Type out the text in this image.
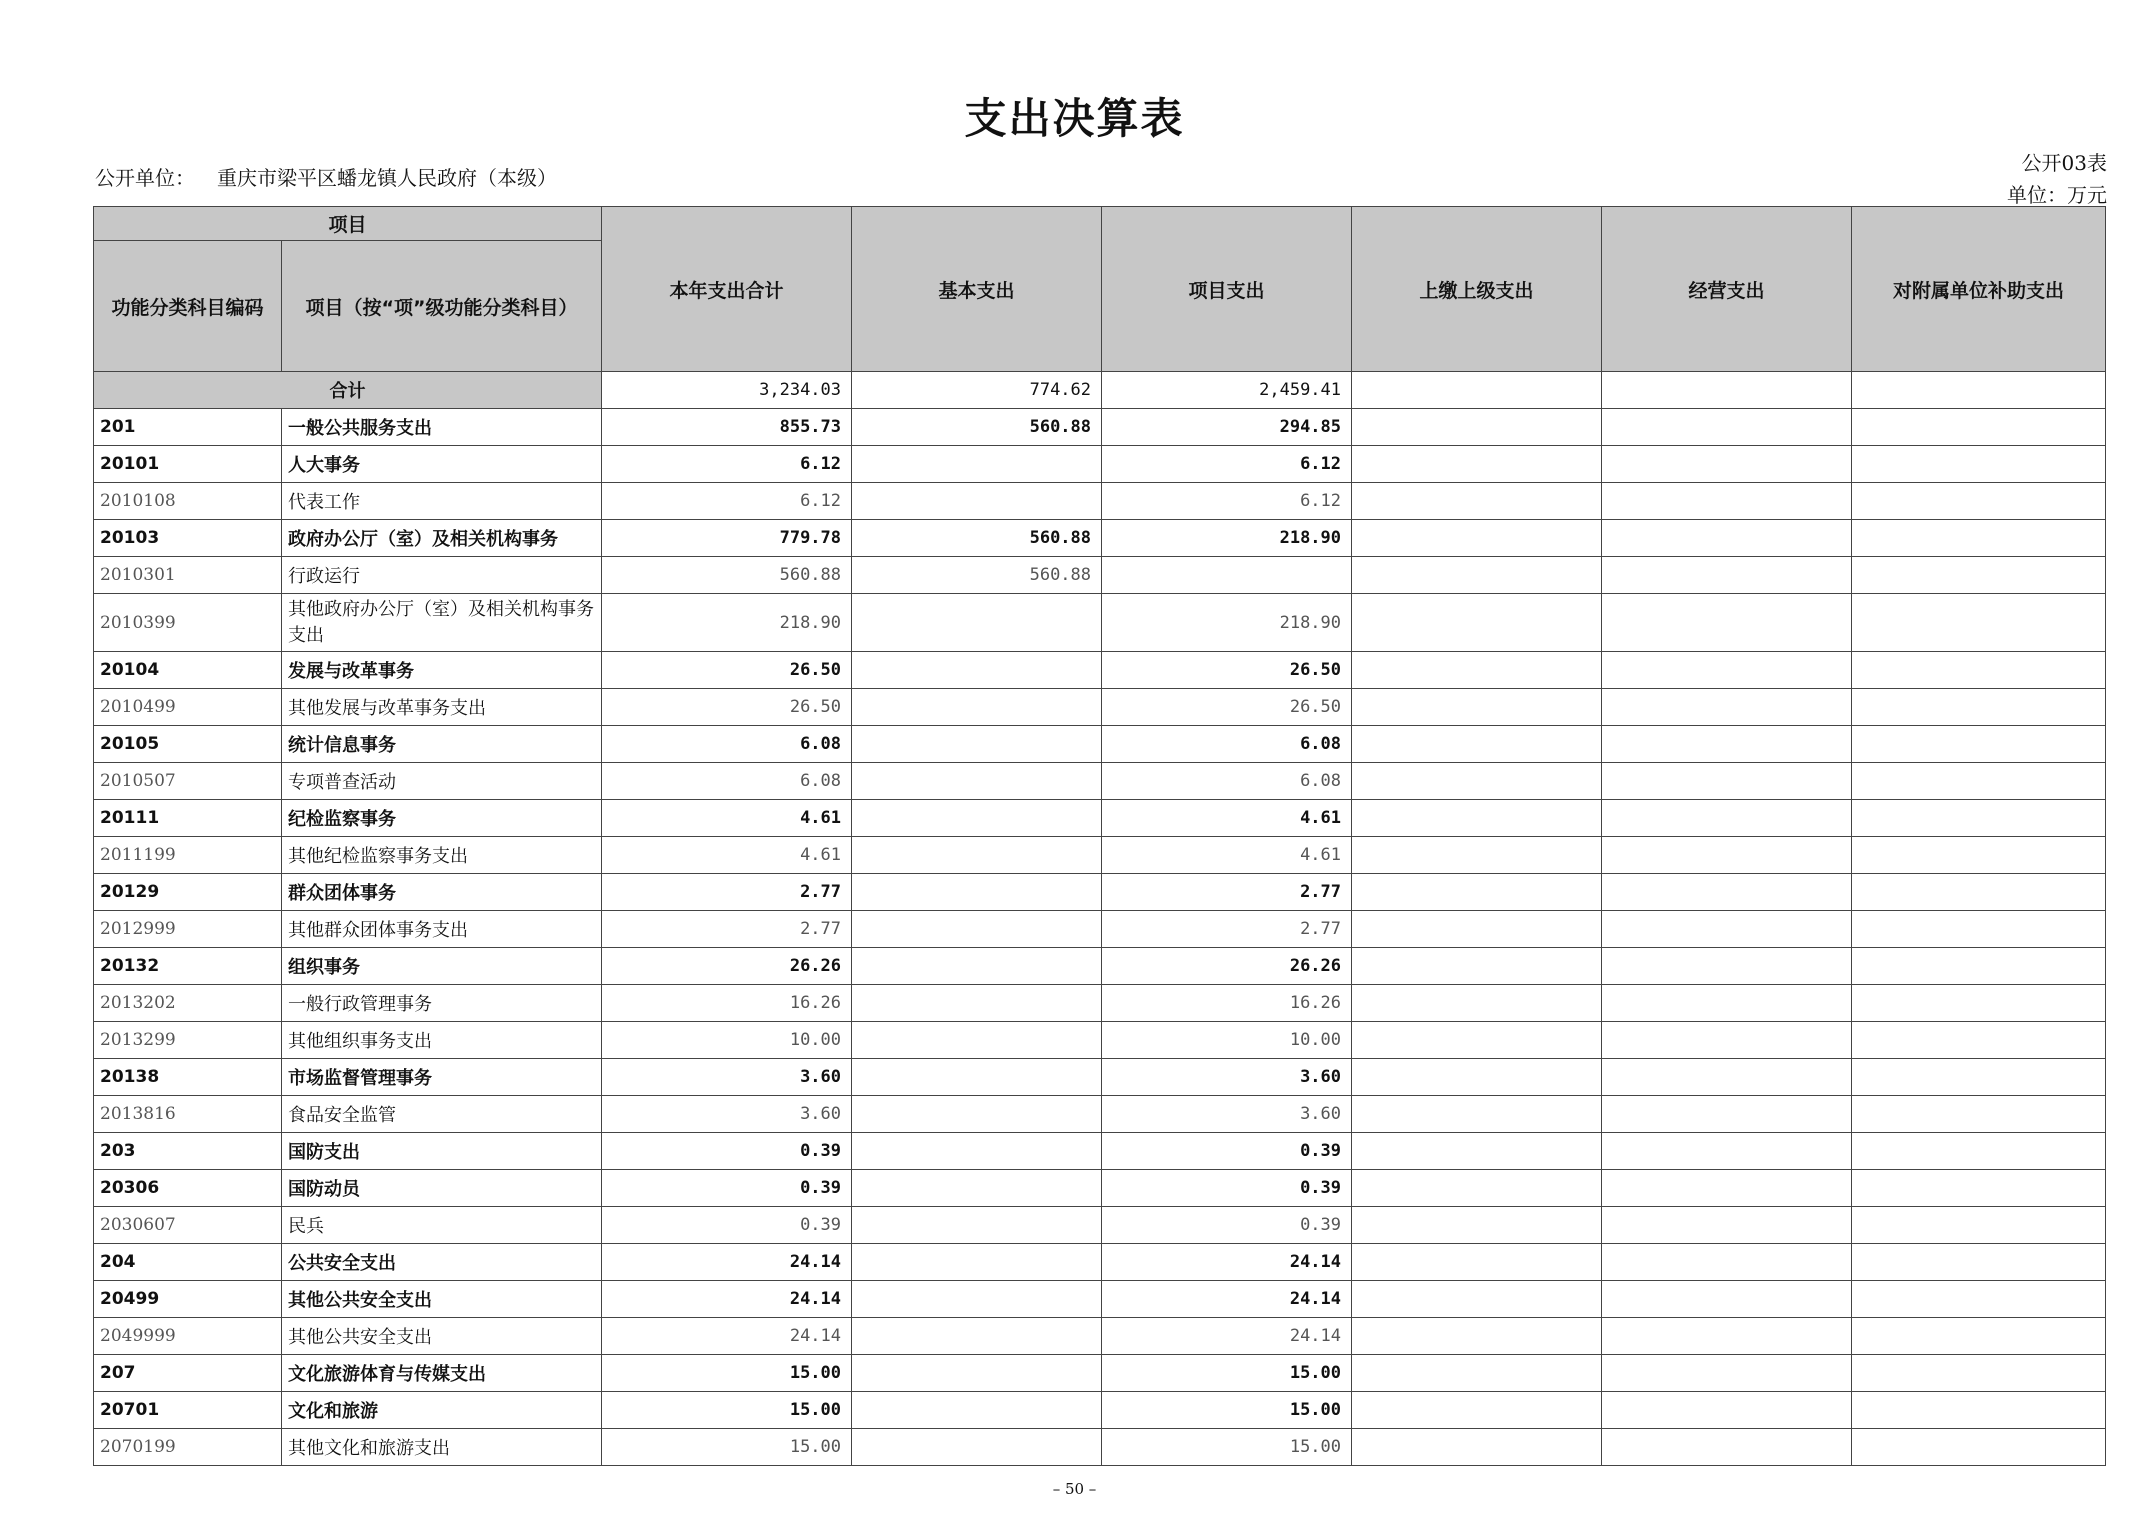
支出决算表
公开单位： 重庆市梁平区蟠龙镇人民政府（本级）
公开03表
单位：万元
项目		本年支出合计	基本支出	项目支出	上缴上级支出	经营支出	对附属单位补助支出
功能分类科目编码	项目（按“项”级功能分类科目）						
合计		3,234.03	774.62	2,459.41			
201	一般公共服务支出	855.73	560.88	294.85			
20101	人大事务	6.12		6.12			
2010108	代表工作	6.12		6.12			
20103	政府办公厅（室）及相关机构事务	779.78	560.88	218.90			
2010301	行政运行	560.88	560.88				
2010399	其他政府办公厅（室）及相关机构事务支出	218.90		218.90			
20104	发展与改革事务	26.50		26.50			
2010499	其他发展与改革事务支出	26.50		26.50			
20105	统计信息事务	6.08		6.08			
2010507	专项普查活动	6.08		6.08			
20111	纪检监察事务	4.61		4.61			
2011199	其他纪检监察事务支出	4.61		4.61			
20129	群众团体事务	2.77		2.77			
2012999	其他群众团体事务支出	2.77		2.77			
20132	组织事务	26.26		26.26			
2013202	一般行政管理事务	16.26		16.26			
2013299	其他组织事务支出	10.00		10.00			
20138	市场监督管理事务	3.60		3.60			
2013816	食品安全监管	3.60		3.60			
203	国防支出	0.39		0.39			
20306	国防动员	0.39		0.39			
2030607	民兵	0.39		0.39			
204	公共安全支出	24.14		24.14			
20499	其他公共安全支出	24.14		24.14			
2049999	其他公共安全支出	24.14		24.14			
207	文化旅游体育与传媒支出	15.00		15.00			
20701	文化和旅游	15.00		15.00			
2070199	其他文化和旅游支出	15.00		15.00			
– 50 –
